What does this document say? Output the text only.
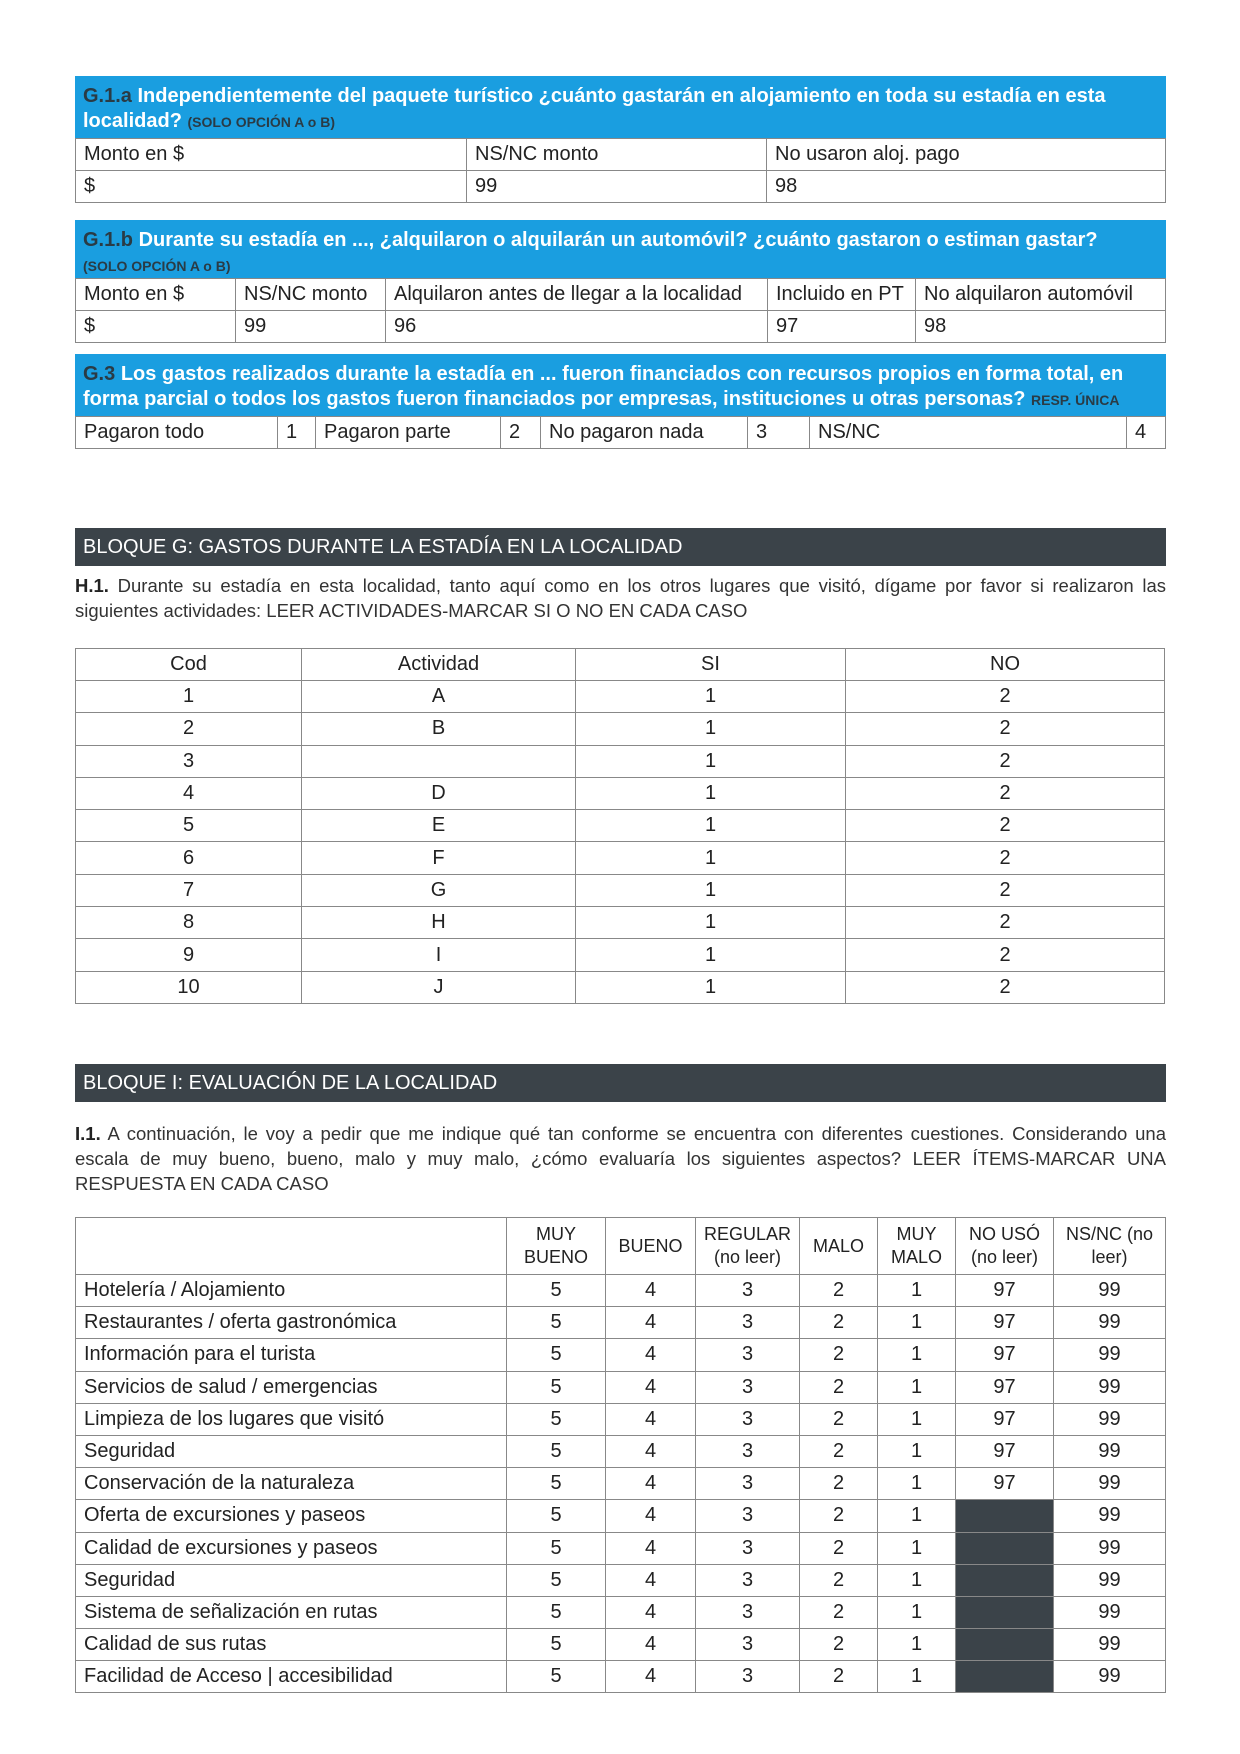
G.1.a Independientemente del paquete turístico ¿cuánto gastarán en alojamiento en toda su estadía en esta localidad? (SOLO OPCIÓN A o B)
Monto en $	NS/NC monto	No usaron aloj. pago
$	99	98
G.1.b Durante su estadía en ..., ¿alquilaron o alquilarán un automóvil? ¿cuánto gastaron o estiman gastar?
(SOLO OPCIÓN A o B)
Monto en $	NS/NC monto	Alquilaron antes de llegar a la localidad	Incluido en PT	No alquilaron automóvil
$	99	96	97	98
G.3 Los gastos realizados durante la estadía en ... fueron financiados con recursos propios en forma total, en forma parcial o todos los gastos fueron financiados por empresas, instituciones u otras personas? RESP. ÚNICA
Pagaron todo	1	Pagaron parte	2	No pagaron nada	3	NS/NC	4
BLOQUE G: GASTOS DURANTE LA ESTADÍA EN LA LOCALIDAD
H.1. Durante su estadía en esta localidad, tanto aquí como en los otros lugares que visitó, dígame por favor si realizaron las siguientes actividades: LEER ACTIVIDADES-MARCAR SI O NO EN CADA CASO
Cod	Actividad	SI	NO
1	A	1	2
2	B	1	2
3		1	2
4	D	1	2
5	E	1	2
6	F	1	2
7	G	1	2
8	H	1	2
9	I	1	2
10	J	1	2
BLOQUE I: EVALUACIÓN DE LA LOCALIDAD
I.1. A continuación, le voy a pedir que me indique qué tan conforme se encuentra con diferentes cuestiones. Considerando una escala de muy bueno, bueno, malo y muy malo, ¿cómo evaluaría los siguientes aspectos? LEER ÍTEMS-MARCAR UNA RESPUESTA EN CADA CASO
	MUY BUENO	BUENO	REGULAR (no leer)	MALO	MUY MALO	NO USÓ (no leer)	NS/NC (no leer)
Hotelería / Alojamiento	5	4	3	2	1	97	99
Restaurantes / oferta gastronómica	5	4	3	2	1	97	99
Información para el turista	5	4	3	2	1	97	99
Servicios de salud / emergencias	5	4	3	2	1	97	99
Limpieza de los lugares que visitó	5	4	3	2	1	97	99
Seguridad	5	4	3	2	1	97	99
Conservación de la naturaleza	5	4	3	2	1	97	99
Oferta de excursiones y paseos	5	4	3	2	1		99
Calidad de excursiones y paseos	5	4	3	2	1		99
Seguridad	5	4	3	2	1		99
Sistema de señalización en rutas	5	4	3	2	1		99
Calidad de sus rutas	5	4	3	2	1		99
Facilidad de Acceso | accesibilidad	5	4	3	2	1		99
